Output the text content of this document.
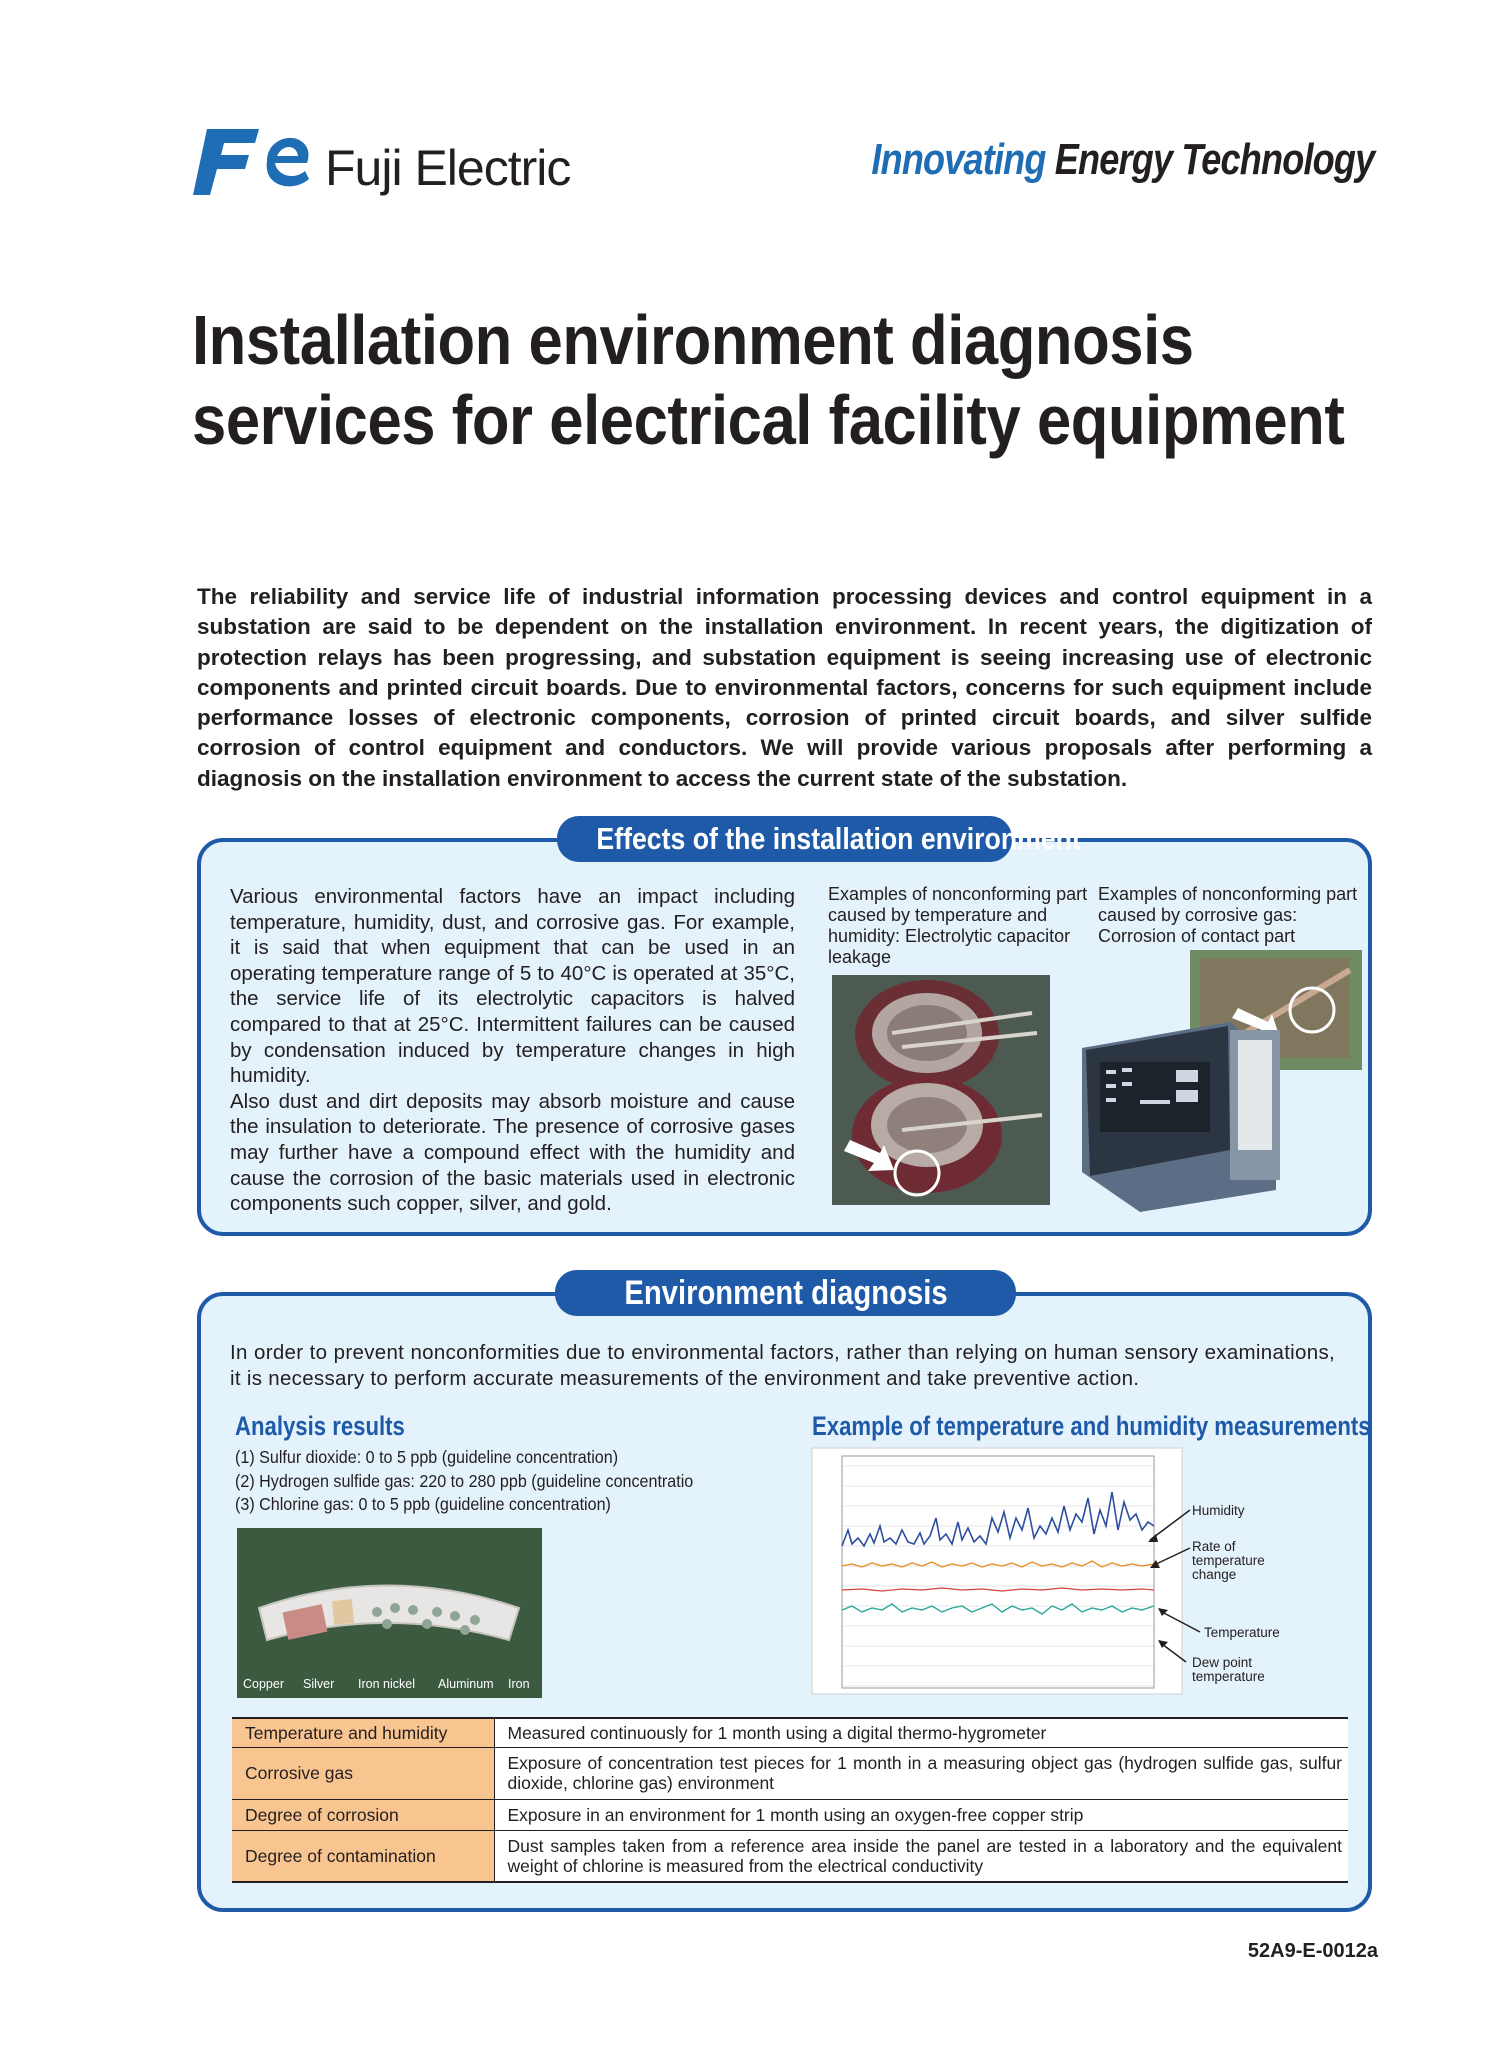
Fuji Electric	Innovating Energy Technology
Installation environment diagnosis
services for electrical facility equipment
The reliability and service life of industrial information processing devices and control equipment in a substation are said to be dependent on the installation environment. In recent years, the digitization of protection relays has been progressing, and substation equipment is seeing increasing use of electronic components and printed circuit boards. Due to environmental factors, concerns for such equipment include performance losses of electronic components, corrosion of printed circuit boards, and silver sulfide corrosion of control equipment and conductors. We will provide various proposals after performing a diagnosis on the installation environment to access the current state of the substation.
Effects of the installation environment

Various environmental factors have an impact including temperature, humidity, dust, and corrosive gas. For example, it is said that when equipment that can be used in an operating temperature range of 5 to 40°C is operated at 35°C, the service life of its electrolytic capacitors is halved compared to that at 25°C. Intermittent failures can be caused by condensation induced by temperature changes in high humidity.

Also dust and dirt deposits may absorb moisture and cause the insulation to deteriorate. The presence of corrosive gases may further have a compound effect with the humidity and cause the corrosion of the basic materials used in electronic components such copper, silver, and gold.

Examples of nonconforming part caused by temperature and humidity: Electrolytic capacitor leakage
Examples of nonconforming part caused by corrosive gas: Corrosion of contact part
Environment diagnosis
In order to prevent nonconformities due to environmental factors, rather than relying on human sensory examinations, it is necessary to perform accurate measurements of the environment and take preventive action.
Analysis results	Example of temperature and humidity measurements
(1) Sulfur dioxide: 0 to 5 ppb (guideline concentration)
(2) Hydrogen sulfide gas: 220 to 280 ppb (guideline concentratio
(3) Chlorine gas: 0 to 5 ppb (guideline concentration)
Copper Silver Iron nickel Aluminum Iron
Humidity
Rate of temperature change
Temperature
Dew point temperature
Temperature and humidity	Measured continuously for 1 month using a digital thermo-hygrometer
Corrosive gas	Exposure of concentration test pieces for 1 month in a measuring object gas (hydrogen sulfide gas, sulfur dioxide, chlorine gas) environment
Degree of corrosion	Exposure in an environment for 1 month using an oxygen-free copper strip
Degree of contamination	Dust samples taken from a reference area inside the panel are tested in a laboratory and the equivalent weight of chlorine is measured from the electrical conductivity
52A9-E-0012a
